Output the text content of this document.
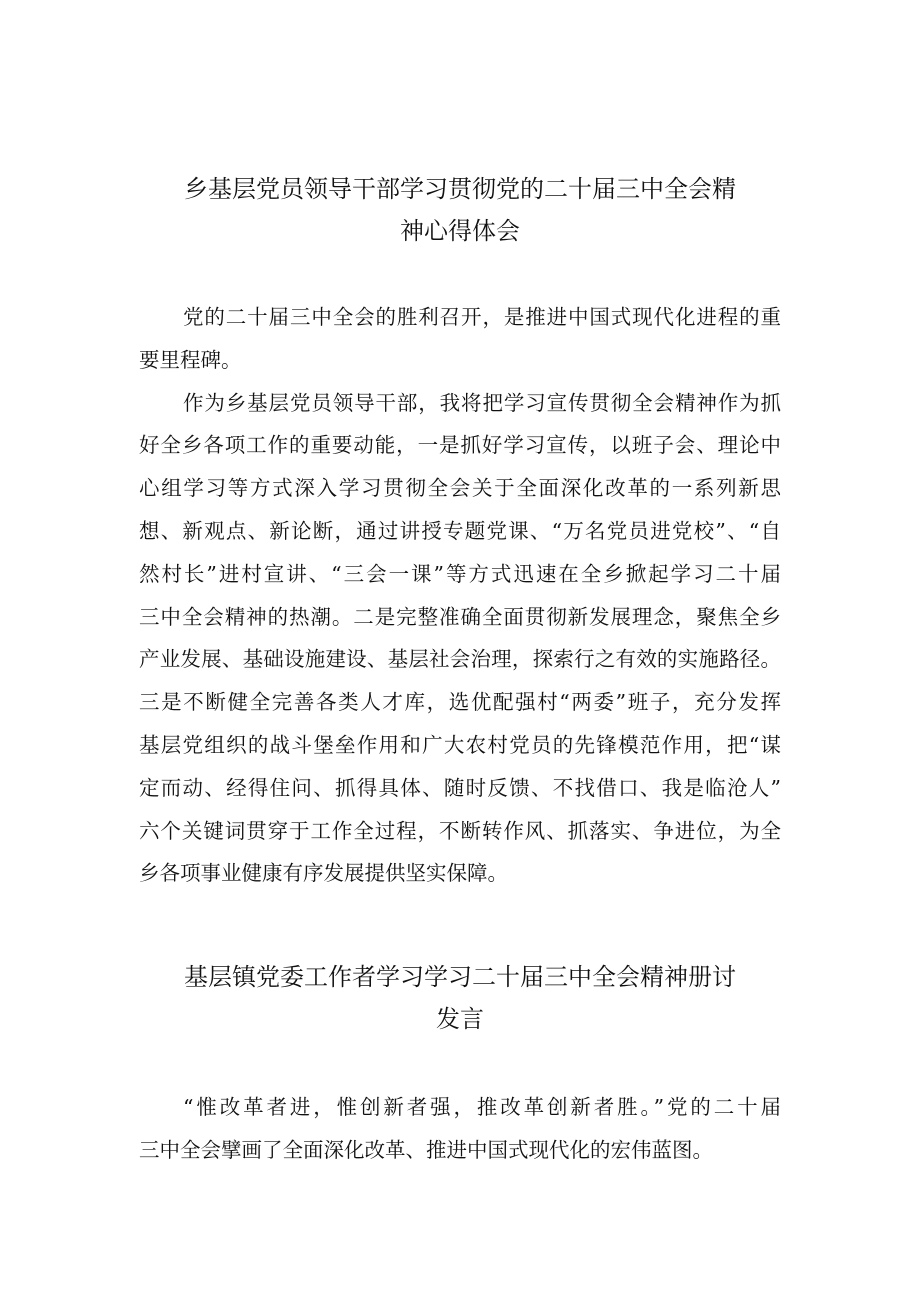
乡基层党员领导干部学习贯彻党的二十届三中全会精
神心得体会
党的二十届三中全会的胜利召开，是推进中国式现代化进程的重
要里程碑。
作为乡基层党员领导干部，我将把学习宣传贯彻全会精神作为抓
好全乡各项工作的重要动能，一是抓好学习宣传，以班子会、理论中
心组学习等方式深入学习贯彻全会关于全面深化改革的一系列新思
想、新观点、新论断，通过讲授专题党课、“万名党员进党校”、“自
然村长”进村宣讲、“三会一课”等方式迅速在全乡掀起学习二十届
三中全会精神的热潮。二是完整准确全面贯彻新发展理念，聚焦全乡
产业发展、基础设施建设、基层社会治理，探索行之有效的实施路径。
三是不断健全完善各类人才库，选优配强村“两委”班子，充分发挥
基层党组织的战斗堡垒作用和广大农村党员的先锋模范作用，把“谋
定而动、经得住问、抓得具体、随时反馈、不找借口、我是临沧人”
六个关键词贯穿于工作全过程，不断转作风、抓落实、争进位，为全
乡各项事业健康有序发展提供坚实保障。
基层镇党委工作者学习学习二十届三中全会精神册讨
发言
“惟改革者进，惟创新者强，推改革创新者胜。”党的二十届
三中全会擘画了全面深化改革、推进中国式现代化的宏伟蓝图。
